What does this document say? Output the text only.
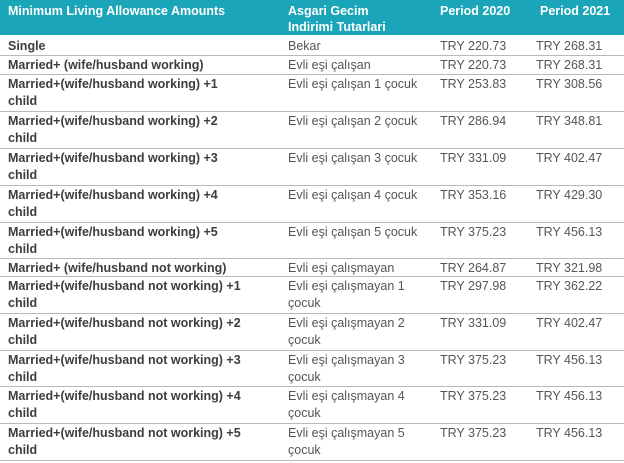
Minimum Living Allowance Amounts	Asgari Gecim
Indirimi Tutarlari
Period 2020 Period 2021
Single	Bekar	TRY 220.73 TRY 268.31
Married+ (wife/husband working)	Evli eşi çalışan	TRY 220.73 TRY 268.31
Married+(wife/husband working) +1
child
Evli eşi çalışan 1 çocuk	TRY 253.83 TRY 308.56
Married+(wife/husband working) +2
child
Evli eşi çalışan 2 çocuk	TRY 286.94 TRY 348.81
Married+(wife/husband working) +3
child
Evli eşi çalışan 3 çocuk	TRY 331.09 TRY 402.47
Married+(wife/husband working) +4
child
Evli eşi çalışan 4 çocuk	TRY 353.16 TRY 429.30
Married+(wife/husband working) +5
child
Evli eşi çalışan 5 çocuk	TRY 375.23 TRY 456.13
Married+ (wife/husband not working)	Evli eşi çalışmayan	TRY 264.87 TRY 321.98
Married+(wife/husband not working) +1
child
Evli eşi çalışmayan 1
çocuk
TRY 297.98 TRY 362.22
Married+(wife/husband not working) +2
child
Evli eşi çalışmayan 2
çocuk
TRY 331.09 TRY 402.47
Married+(wife/husband not working) +3
child
Evli eşi çalışmayan 3
çocuk
TRY 375.23 TRY 456.13
Married+(wife/husband not working) +4
child
Evli eşi çalışmayan 4
çocuk
TRY 375.23 TRY 456.13
Married+(wife/husband not working) +5
child
Evli eşi çalışmayan 5
çocuk
TRY 375.23 TRY 456.13
